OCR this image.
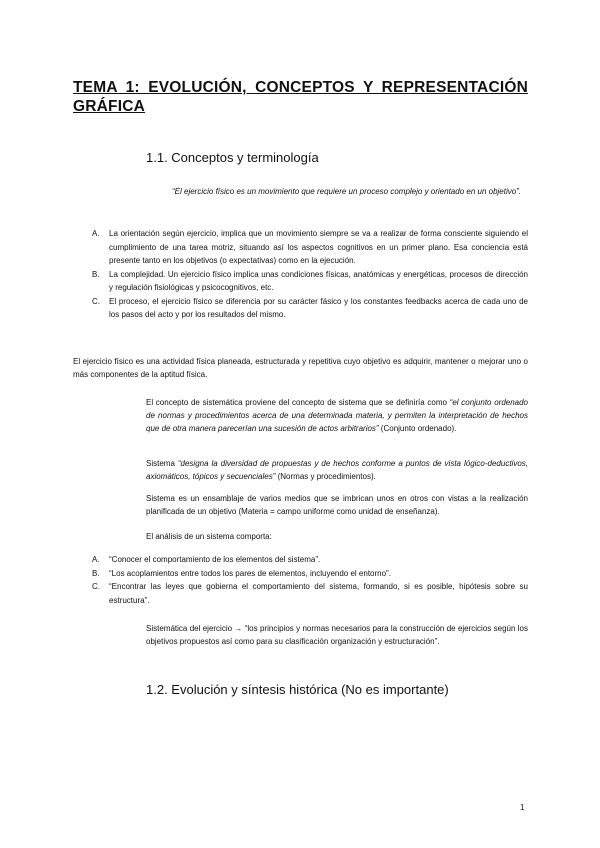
TEMA 1: EVOLUCIÓN, CONCEPTOS Y REPRESENTACIÓN GRÁFICA
1.1. Conceptos y terminología
“El ejercicio físico es un movimiento que requiere un proceso complejo y orientado en un objetivo”.
A. La orientación según ejercicio, implica que un movimiento siempre se va a realizar de forma consciente siguiendo el cumplimiento de una tarea motriz, situando así los aspectos cognitivos en un primer plano. Esa conciencia está presente tanto en los objetivos (o expectativas) como en la ejecución.
B. La complejidad. Un ejercicio físico implica unas condiciones físicas, anatómicas y energéticas, procesos de dirección y regulación fisiológicas y psicocognitivos, etc.
C. El proceso, el ejercicio físico se diferencia por su carácter fásico y los constantes feedbacks acerca de cada uno de los pasos del acto y por los resultados del mismo.
El ejercicio físico es una actividad física planeada, estructurada y repetitiva cuyo objetivo es adquirir, mantener o mejorar uno o más componentes de la aptitud física.
El concepto de sistemática proviene del concepto de sistema que se definiría como “el conjunto ordenado de normas y procedimientos acerca de una determinada materia, y permiten la interpretación de hechos que de otra manera parecerían una sucesión de actos arbitrarios” (Conjunto ordenado).
Sistema “designa la diversidad de propuestas y de hechos conforme a puntos de vista lógico-deductivos, axiomáticos, tópicos y secuenciales” (Normas y procedimientos).
Sistema es un ensamblaje de varios medios que se imbrican unos en otros con vistas a la realización planificada de un objetivo (Materia = campo uniforme como unidad de enseñanza).
El análisis de un sistema comporta:
A. “Conocer el comportamiento de los elementos del sistema”.
B. “Los acoplamientos entre todos los pares de elementos, incluyendo el entorno”.
C. “Encontrar las leyes que gobierna el comportamiento del sistema, formando, si es posible, hipótesis sobre su estructura”.
Sistemática del ejercicio → “los principios y normas necesarios para la construcción de ejercicios según los objetivos propuestos así como para su clasificación organización y estructuración”.
1.2. Evolución y síntesis histórica (No es importante)
1
